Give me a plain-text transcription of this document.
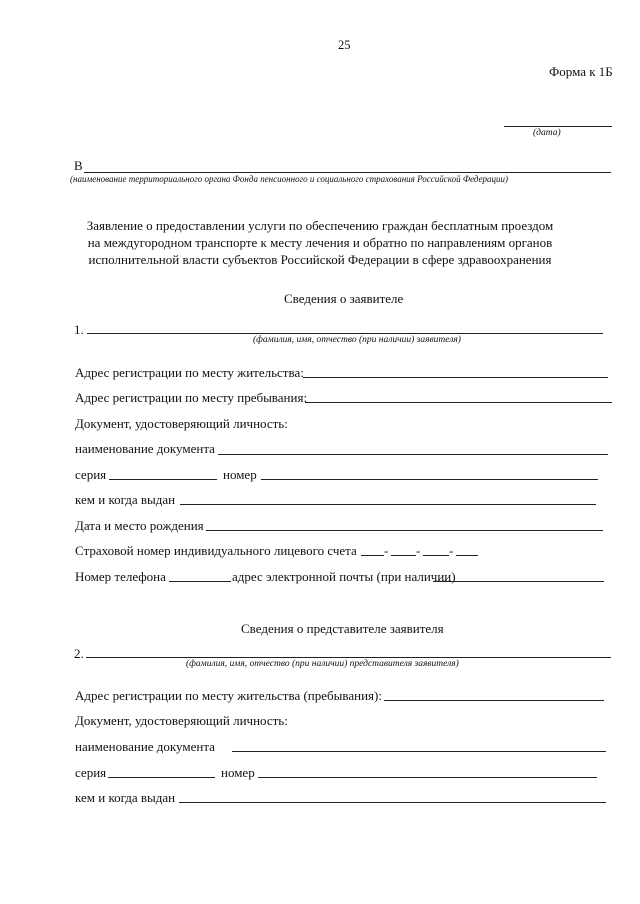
25
Форма к 1Б
(дата)
В
(наименование территориального органа Фонда пенсионного и социального страхования Российской Федерации)
Заявление о предоставлении услуги по обеспечению граждан бесплатным проездом на междугородном транспорте к месту лечения и обратно по направлениям органов исполнительной власти субъектов Российской Федерации в сфере здравоохранения
Сведения о заявителе
1.
(фамилия, имя, отчество (при наличии) заявителя)
Адрес регистрации по месту жительства:
Адрес регистрации по месту пребывания:
Документ, удостоверяющий личность:
наименование документа
серия	номер
кем и когда выдан
Дата и место рождения
Страховой номер индивидуального лицевого счета - - -
Номер телефона	адрес электронной почты (при наличии)
Сведения о представителе заявителя
2.
(фамилия, имя, отчество (при наличии) представителя заявителя)
Адрес регистрации по месту жительства (пребывания):
Документ, удостоверяющий личность:
наименование документа
серия	номер
кем и когда выдан
